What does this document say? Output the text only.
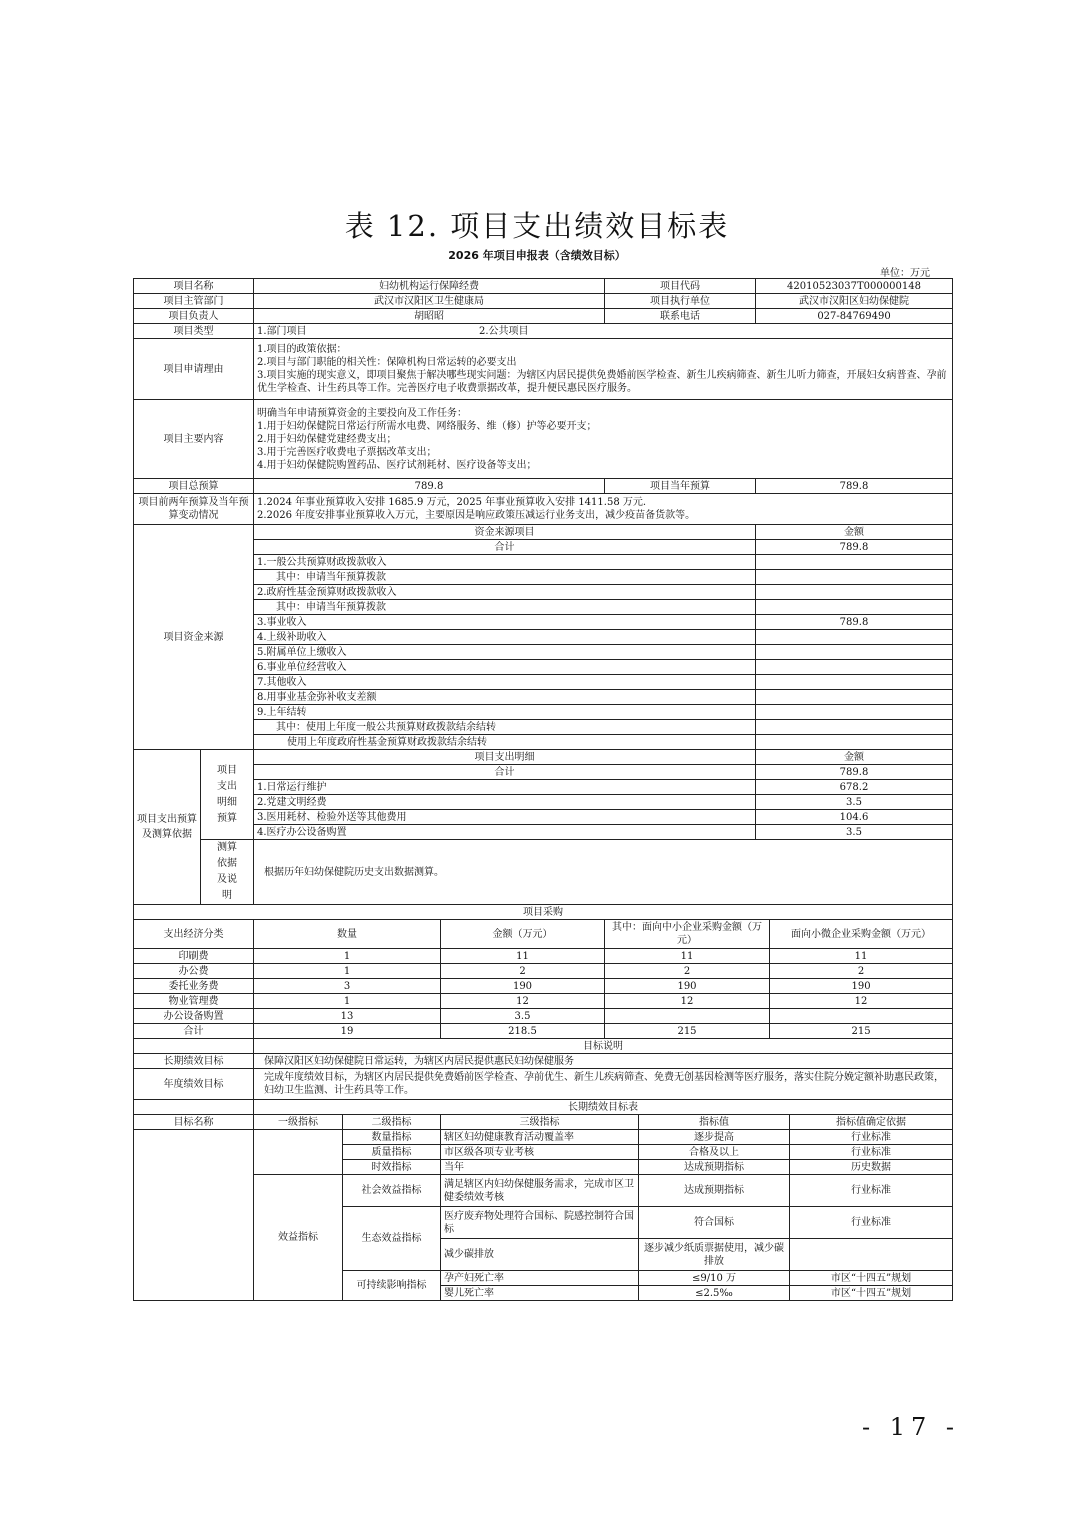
表 12. 项目支出绩效目标表
2026 年项目申报表（含绩效目标）
单位：万元
项目名称		妇幼机构运行保障经费	项目代码	42010523037T000000148
项目主管部门		武汉市汉阳区卫生健康局	项目执行单位	武汉市汉阳区妇幼保健院
项目负责人		胡昭昭	联系电话	027-84769490
项目类型		1.部门项目 2.公共项目		
项目申请理由		1.项目的政策依据：
2.项目与部门职能的相关性：保障机构日常运转的必要支出
3.项目实施的现实意义，即项目聚焦于解决哪些现实问题：为辖区内居民提供免费婚前医学检查、新生儿疾病筛查、新生儿听力筛查，开展妇女病普查、孕前优生学检查、计生药具等工作。完善医疗电子收费票据改革，提升便民惠民医疗服务。		

项目主要内容		明确当年申请预算资金的主要投向及工作任务：
1.用于妇幼保健院日常运行所需水电费、网络服务、维（修）护等必要开支；
2.用于妇幼保健党建经费支出；
3.用于完善医疗收费电子票据改革支出；
4.用于妇幼保健院购置药品、医疗试剂耗材、医疗设备等支出；		

项目总预算		789.8	项目当年预算	789.8
项目前两年预算及当年预算变动情况		1.2024 年事业预算收入安排 1685.9 万元，2025 年事业预算收入安排 1411.58 万元.
2.2026 年度安排事业预算收入万元，主要原因是响应政策压减运行业务支出，减少疫苗备货款等。		

项目资金来源		资金来源项目		金额
		合计		789.8
		1.一般公共预算财政拨款收入		
		其中：申请当年预算拨款		
		2.政府性基金预算财政拨款收入		
		其中：申请当年预算拨款		
		3.事业收入		789.8
		4.上级补助收入		
		5.附属单位上缴收入		
		6.事业单位经营收入		
		7.其他收入		
		8.用事业基金弥补收支差额		
		9.上年结转		
		其中：使用上年度一般公共预算财政拨款结余结转		
		使用上年度政府性基金预算财政拨款结余结转		
项目支出预算及测算依据	项目支出明细预算	项目支出明细		金额
		合计		789.8
		1.日常运行维护		678.2
		2.党建文明经费		3.5
		3.医用耗材、检验外送等其他费用		104.6
		4.医疗办公设备购置		3.5
	测算依据及说明	根据历年妇幼保健院历史支出数据测算。		
项目采购				
支出经济分类	数量	金额（万元）	其中：面向中小企业采购金额（万元）	面向小微企业采购金额（万元）
印刷费	1	11	11	11
办公费	1	2	2	2
委托业务费	3	190	190	190
物业管理费	1	12	12	12
办公设备购置	13	3.5		
合计	19	218.5	215	215
	目标说明			
长期绩效目标	保障汉阳区妇幼保健院日常运转，为辖区内居民提供惠民妇幼保健服务			
年度绩效目标	完成年度绩效目标，为辖区内居民提供免费婚前医学检查、孕前优生、新生儿疾病筛查、免费无创基因检测等医疗服务，落实住院分娩定额补助惠民政策，妇幼卫生监测、计生药具等工作。			
	长期绩效目标表			
目标名称	一级指标	二级指标	三级指标	指标值	指标值确定依据
		数量指标	辖区妇幼健康教育活动覆盖率	逐步提高	行业标准
		质量指标	市区级各项专业考核	合格及以上	行业标准
		时效指标	当年	达成预期指标	历史数据
	效益指标	社会效益指标	满足辖区内妇幼保健服务需求，完成市区卫健委绩效考核	达成预期指标	行业标准
		生态效益指标	医疗废弃物处理符合国标、院感控制符合国标	符合国标	行业标准
			减少碳排放	逐步减少纸质票据使用，减少碳排放	
		可持续影响指标	孕产妇死亡率	≤9/10 万	市区“十四五”规划
			婴儿死亡率	≤2.5‰	市区“十四五”规划
- 17 -
